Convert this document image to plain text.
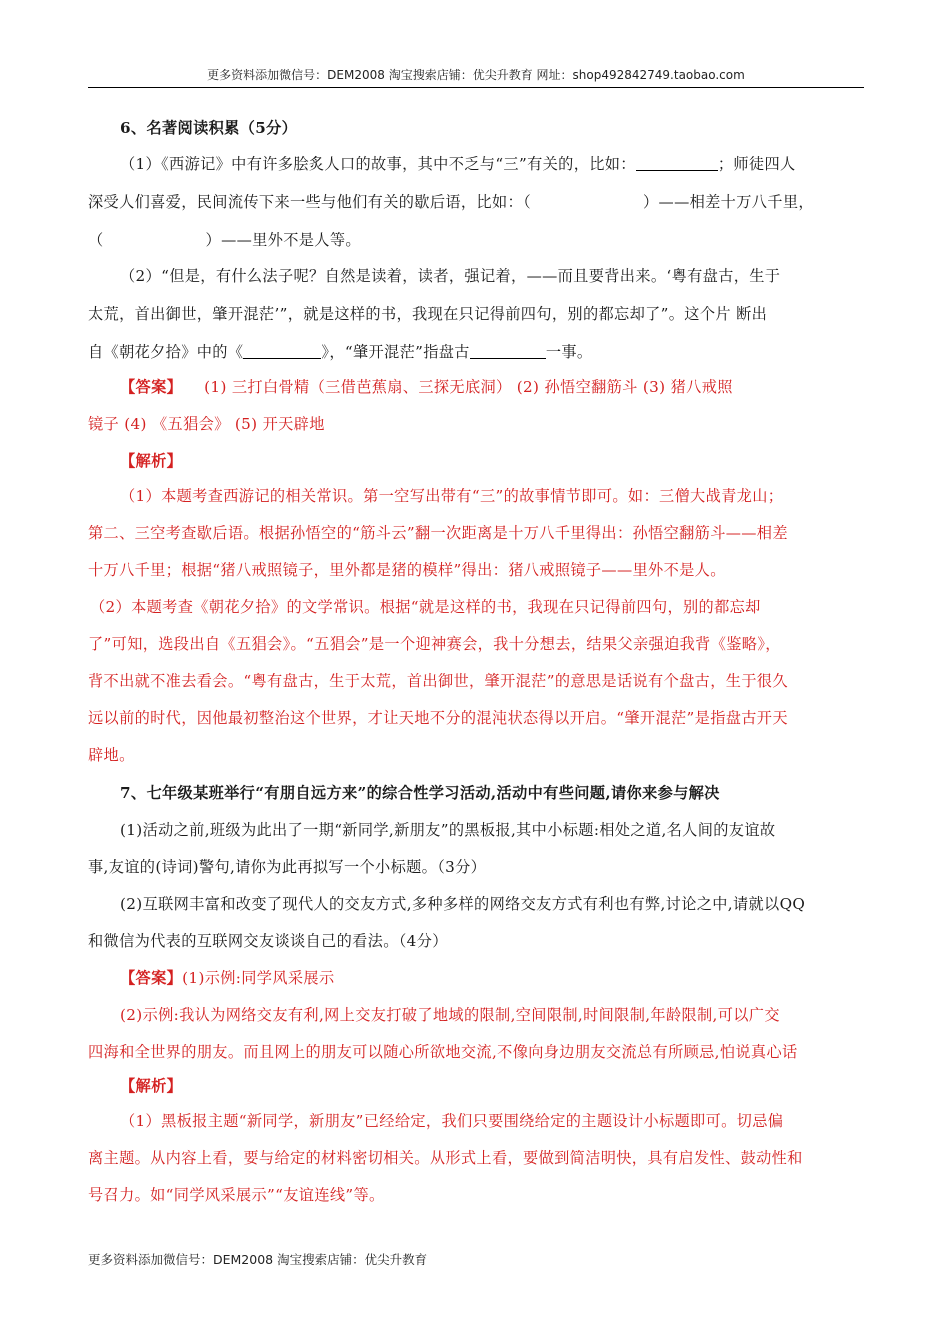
更多资料添加微信号：DEM2008 淘宝搜索店铺：优尖升教育 网址：shop492842749.taobao.com
6、名著阅读积累（5分）
（1）《西游记》中有许多脍炙人口的故事，其中不乏与“三”有关的，比如：	；师徒四人
深受人们喜爱，民间流传下来一些与他们有关的歇后语，比如：（	）——相差十万八千里，
（	）——里外不是人等。
（2）“但是，有什么法子呢？自然是读着，读者，强记着，——而且要背出来。‘粤有盘古，生于
太荒，首出御世，肇开混茫’”，就是这样的书，我现在只记得前四句，别的都忘却了”。这个片 断出
自《朝花夕拾》中的《	》，“肇开混茫”指盘古	一事。
【答案】 (1) 三打白骨精（三借芭蕉扇、三探无底洞） (2) 孙悟空翻筋斗 (3) 猪八戒照
镜子 (4) 《五猖会》 (5) 开天辟地
【解析】
（1）本题考查西游记的相关常识。第一空写出带有“三”的故事情节即可。如：三僧大战青龙山；
第二、三空考查歇后语。根据孙悟空的“筋斗云”翻一次距离是十万八千里得出：孙悟空翻筋斗——相差
十万八千里；根据“猪八戒照镜子，里外都是猪的模样”得出：猪八戒照镜子——里外不是人。
（2）本题考查《朝花夕拾》的文学常识。根据“就是这样的书，我现在只记得前四句，别的都忘却
了”可知，选段出自《五猖会》。“五猖会”是一个迎神赛会，我十分想去，结果父亲强迫我背《鉴略》，
背不出就不准去看会。“粤有盘古，生于太荒，首出御世，肇开混茫”的意思是话说有个盘古，生于很久
远以前的时代，因他最初整治这个世界，才让天地不分的混沌状态得以开启。“肇开混茫”是指盘古开天
辟地。
7、七年级某班举行“有朋自远方来”的综合性学习活动,活动中有些问题,请你来参与解决
(1)活动之前,班级为此出了一期“新同学,新朋友”的黑板报,其中小标题:相处之道,名人间的友谊故
事,友谊的(诗词)警句,请你为此再拟写一个小标题。（3分）
(2)互联网丰富和改变了现代人的交友方式,多种多样的网络交友方式有利也有弊,讨论之中,请就以QQ
和微信为代表的互联网交友谈谈自己的看法。（4分）
【答案】(1)示例:同学风采展示
(2)示例:我认为网络交友有利,网上交友打破了地域的限制,空间限制,时间限制,年龄限制,可以广交
四海和全世界的朋友。而且网上的朋友可以随心所欲地交流,不像向身边朋友交流总有所顾忌,怕说真心话
【解析】
（1）黑板报主题“新同学，新朋友”已经给定，我们只要围绕给定的主题设计小标题即可。切忌偏
离主题。从内容上看，要与给定的材料密切相关。从形式上看，要做到简洁明快，具有启发性、鼓动性和
号召力。如“同学风采展示”“友谊连线”等。
更多资料添加微信号：DEM2008 淘宝搜索店铺：优尖升教育
